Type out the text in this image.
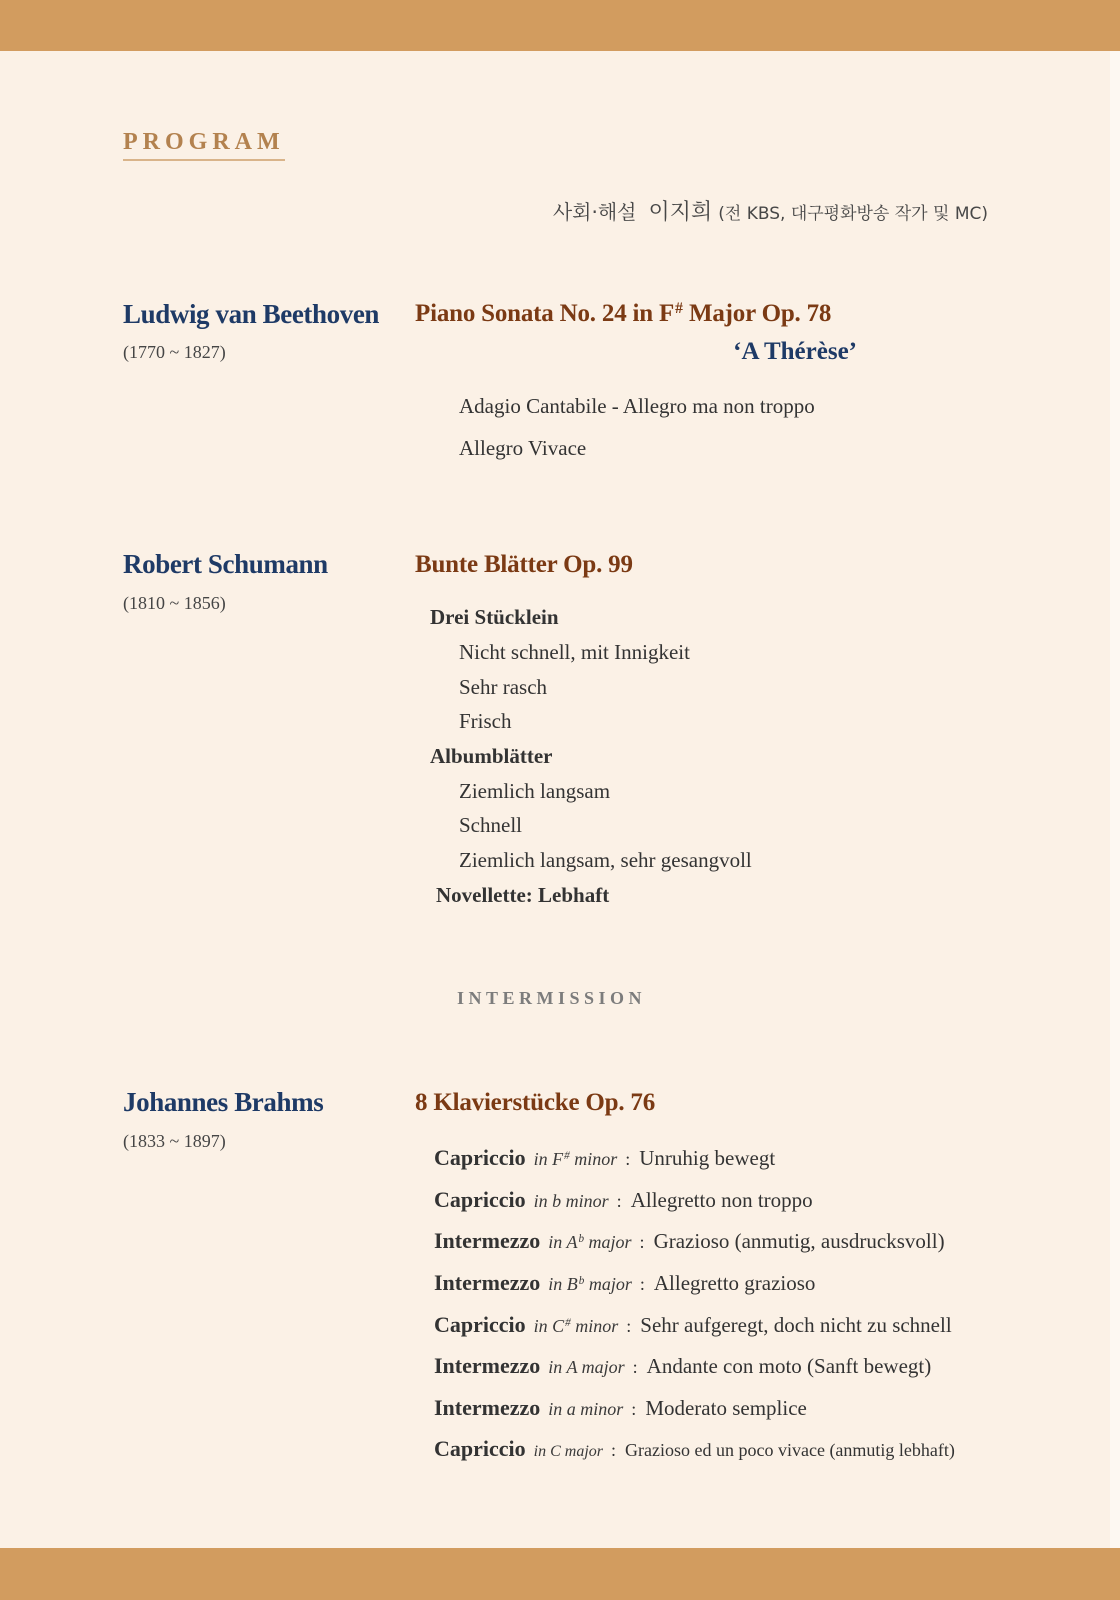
PROGRAM
사회·해설 이지희 (전 KBS, 대구평화방송 작가 및 MC)
Ludwig van Beethoven
(1770 ~ 1827)
Piano Sonata No. 24 in F# Major Op. 78
‘A Thérèse’
Adagio Cantabile - Allegro ma non troppo
Allegro Vivace
Robert Schumann
(1810 ~ 1856)
Bunte Blätter Op. 99
Drei Stücklein
Nicht schnell, mit Innigkeit
Sehr rasch
Frisch
Albumblätter
Ziemlich langsam
Schnell
Ziemlich langsam, sehr gesangvoll
Novellette: Lebhaft
INTERMISSION
Johannes Brahms
(1833 ~ 1897)
8 Klavierstücke Op. 76
Capriccio in F# minor : Unruhig bewegt
Capriccio in b minor : Allegretto non troppo
Intermezzo in $A^b$ major : Grazioso (anmutig, ausdrucksvoll)
Intermezzo in $B^b$ major : Allegretto grazioso
Capriccio in C# minor : Sehr aufgeregt, doch nicht zu schnell
Intermezzo in A major : Andante con moto (Sanft bewegt)
Intermezzo in a minor : Moderato semplice
Capriccio in C major : Grazioso ed un poco vivace (anmutig lebhaft)
